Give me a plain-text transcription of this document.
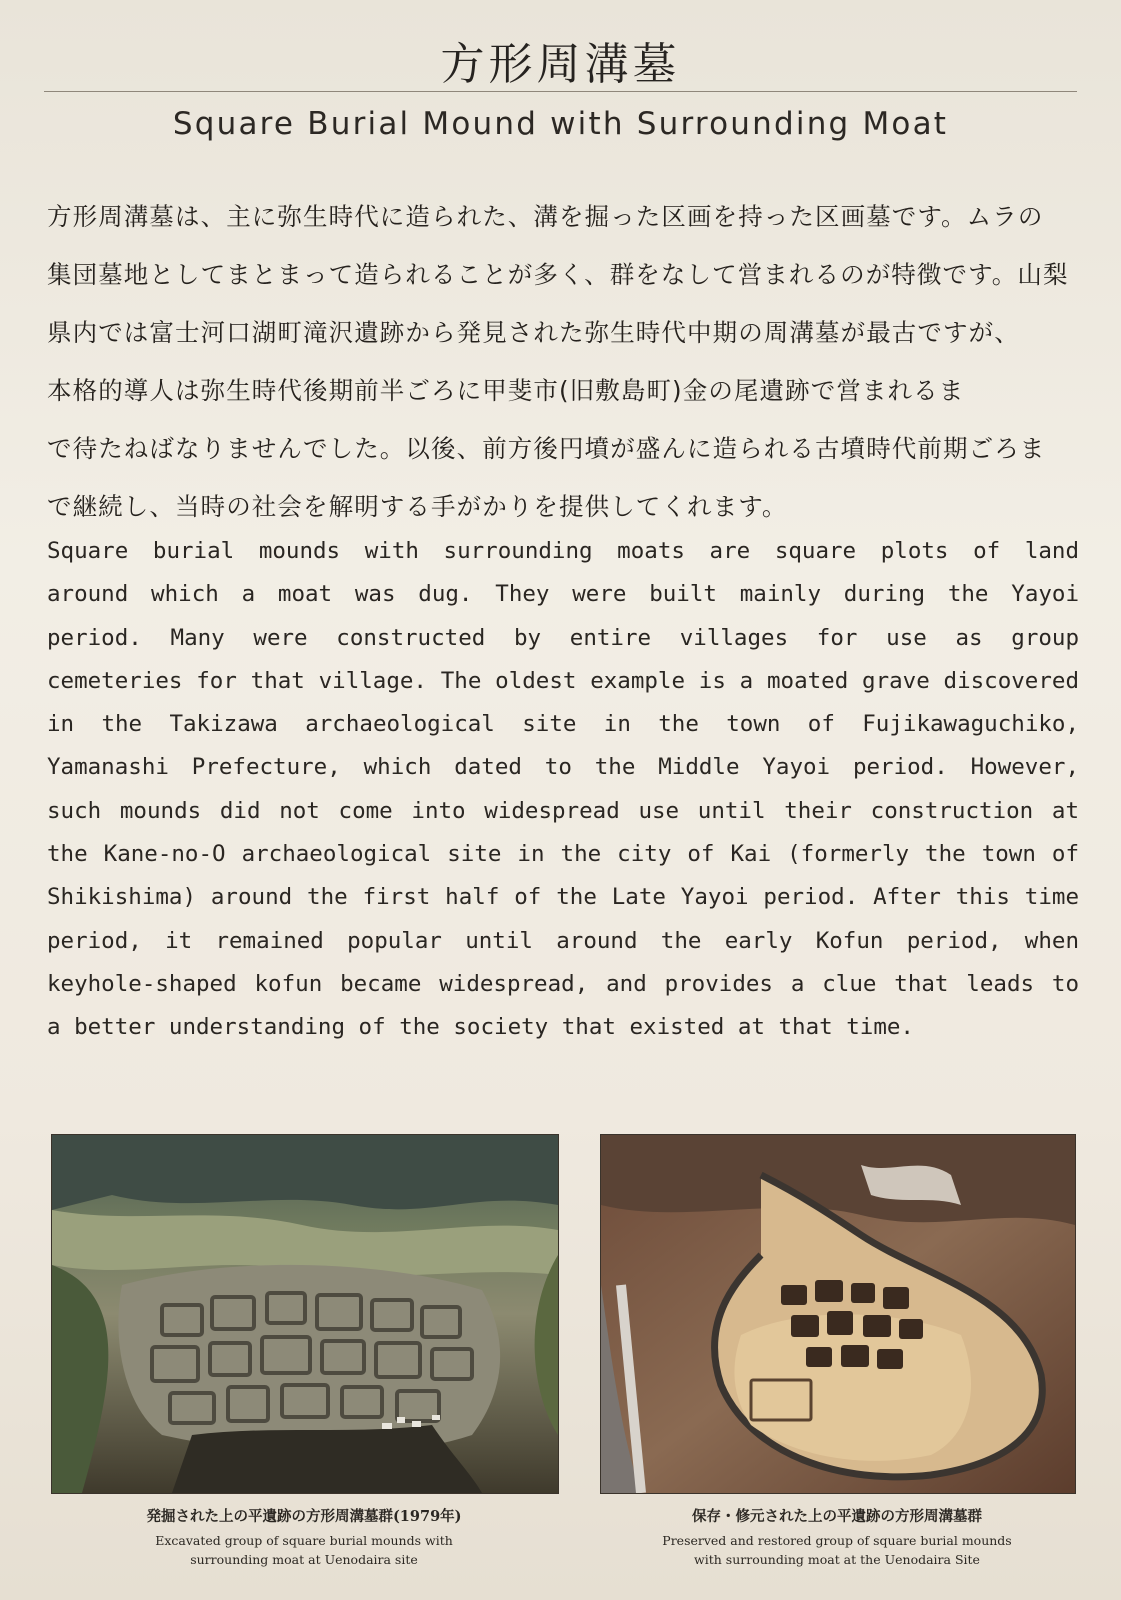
方形周溝墓
Square Burial Mound with Surrounding Moat
方形周溝墓は、主に弥生時代に造られた、溝を掘った区画を持った区画墓です。ムラの
集団墓地としてまとまって造られることが多く、群をなして営まれるのが特徴です。山梨
県内では富士河口湖町滝沢遺跡から発見された弥生時代中期の周溝墓が最古ですが、
本格的導人は弥生時代後期前半ごろに甲斐市(旧敷島町)金の尾遺跡で営まれるま
で待たねばなりませんでした。以後、前方後円墳が盛んに造られる古墳時代前期ごろま
で継続し、当時の社会を解明する手がかりを提供してくれます。
Square burial mounds with surrounding moats are square plots of land
around which a moat was dug. They were built mainly during the Yayoi
period. Many were constructed by entire villages for use as group
cemeteries for that village. The oldest example is a moated grave discovered
in the Takizawa archaeological site in the town of Fujikawaguchiko,
Yamanashi Prefecture, which dated to the Middle Yayoi period. However,
such mounds did not come into widespread use until their construction at
the Kane-no-O archaeological site in the city of Kai (formerly the town of
Shikishima) around the first half of the Late Yayoi period. After this time
period, it remained popular until around the early Kofun period, when
keyhole-shaped kofun became widespread, and provides a clue that leads to
a better understanding of the society that existed at that time.
発掘された上の平遺跡の方形周溝墓群(1979年)
Excavated group of square burial mounds with
surrounding moat at Uenodaira site
保存・修元された上の平遺跡の方形周溝墓群
Preserved and restored group of square burial mounds
with surrounding moat at the Uenodaira Site
